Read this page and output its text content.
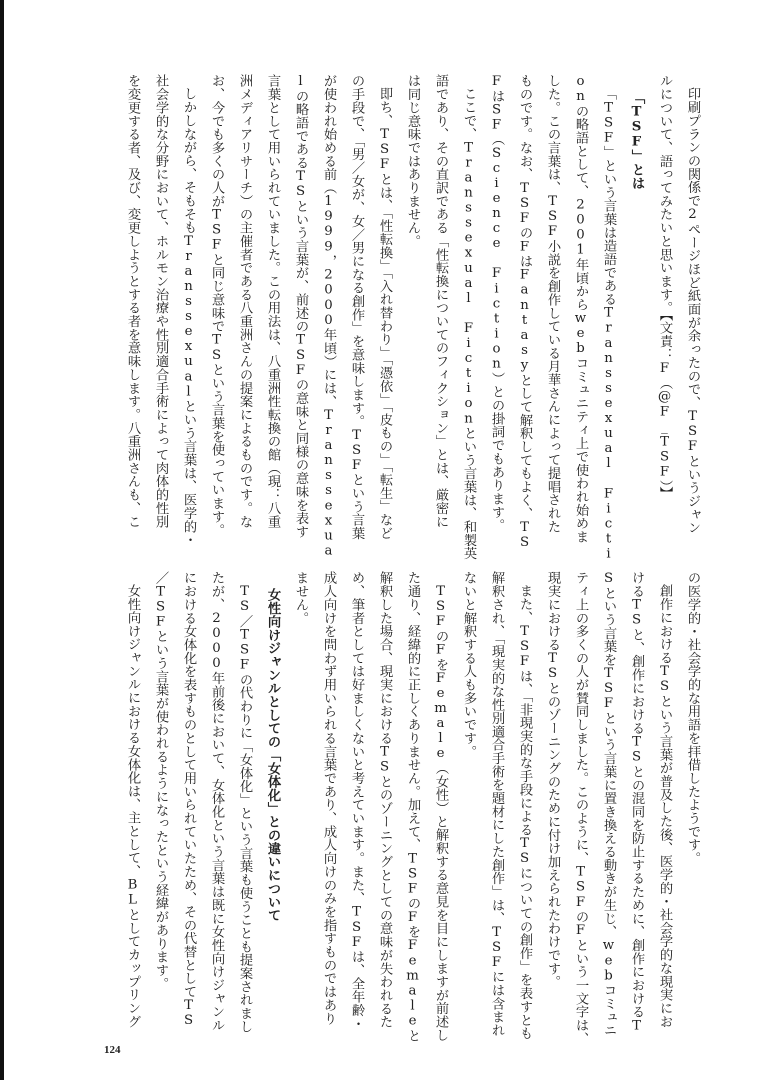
印刷プランの関係で2ページほど紙面が余ったので、TSFというジャン
ルについて、語ってみたいと思います。【文責：F（@F_TSF）】
「TSF」とは
「TSF」という言葉は造語であるTranssexual Ficti
onの略語として、2001年頃からwebコミュニティ上で使われ始めま
した。この言葉は、TSF小説を創作している月華さんによって提唱された
ものです。なお、TSFのFはFantasyとして解釈してもよく、TS
FはSF（Science Fiction）との掛詞でもあります。
ここで、Transsexual Fictionという言葉は、和製英
語であり、その直訳である「性転換についてのフィクション」とは、厳密に
は同じ意味ではありません。
即ち、TSFとは、「性転換」「入れ替わり」「憑依」「皮もの」「転生」など
の手段で、「男／女が、女／男になる創作」を意味します。TSFという言葉
が使われ始める前（1999，2000年頃）には、Transsexua
lの略語であるTSという言葉が、前述のTSFの意味と同様の意味を表す
言葉として用いられていました。この用法は、八重洲性転換の館（現：八重
洲メディアリサーチ）の主催者である八重洲さんの提案によるものです。な
お、今でも多くの人がTSFと同じ意味でTSという言葉を使っています。
しかしながら、そもそもTranssexualという言葉は、医学的・
社会学的な分野において、ホルモン治療や性別適合手術によって肉体的性別
を変更する者、及び、変更しようとする者を意味します。八重洲さんも、こ
の医学的・社会学的な用語を拝借したようです。
創作におけるTSという言葉が普及した後、医学的・社会学的な現実にお
けるTSと、創作におけるTSとの混同を防止するために、創作におけるT
Sという言葉をTSFという言葉に置き換える動きが生じ、webコミュニ
ティ上の多くの人が賛同しました。このように、TSFのFという一文字は、
現実におけるTSとのゾーニングのために付け加えられたわけです。
また、TSFは、「非現実的な手段によるTSについての創作」を表すとも
解釈され、「現実的な性別適合手術を題材にした創作」は、TSFには含まれ
ないと解釈する人も多いです。
TSFのFをFemale（女性）と解釈する意見を目にしますが前述し
た通り、経緯的に正しくありません。加えて、TSFのFをFemaleと
解釈した場合、現実におけるTSとのゾーニングとしての意味が失われるた
め、筆者としては好ましくないと考えています。また、TSFは、全年齢・
成人向けを問わず用いられる言葉であり、成人向けのみを指すものではあり
ません。
女性向けジャンルとしての「女体化」との違いについて
TS／TSFの代わりに「女体化」という言葉も使うことも提案されまし
たが、2000年前後において、女体化という言葉は既に女性向けジャンル
における女体化を表すものとして用いられていたため、その代替としてTS
／TSFという言葉が使われるようになったという経緯があります。
女性向けジャンルにおける女体化は、主として、BLとしてカップリング
124
